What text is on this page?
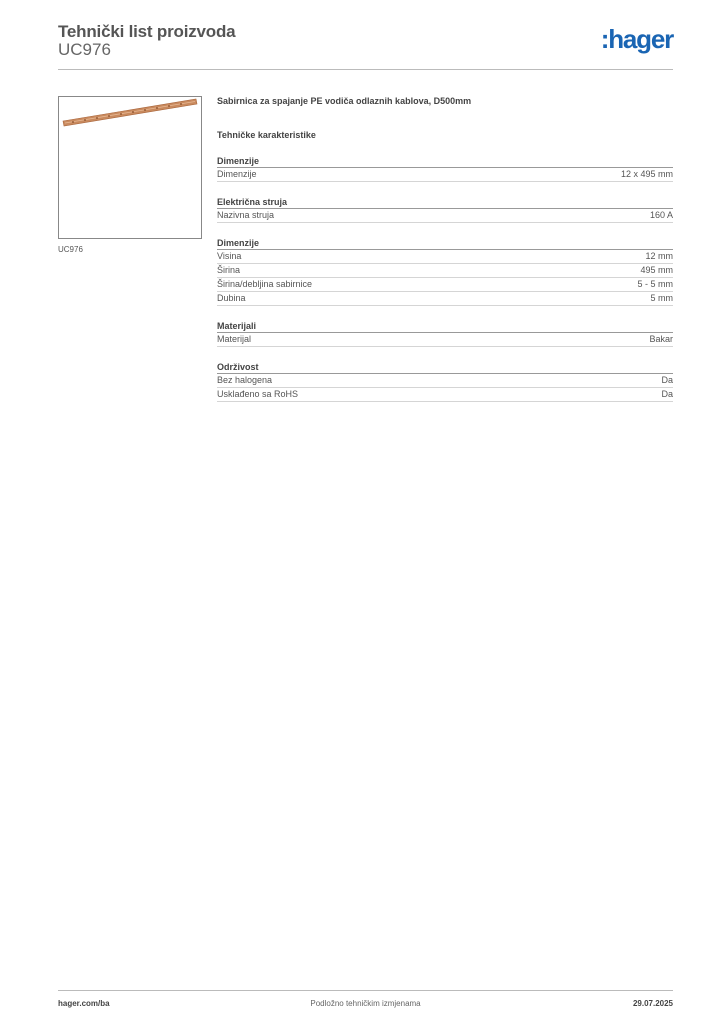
Tehnički list proizvoda
UC976	:hager
UC976
Sabirnica za spajanje PE vodiča odlaznih kablova, D500mm
Tehničke karakteristike
Dimenzije
Dimenzije	12 x 495 mm
Električna struja
Nazivna struja	160 A
Dimenzije
Visina	12 mm
Širina	495 mm
Širina/debljina sabirnice	5 - 5 mm
Dubina	5 mm
Materijali
Materijal	Bakar
Održivost
Bez halogena	Da
Usklađeno sa RoHS	Da
hager.com/ba	Podložno tehničkim izmjenama	29.07.2025
